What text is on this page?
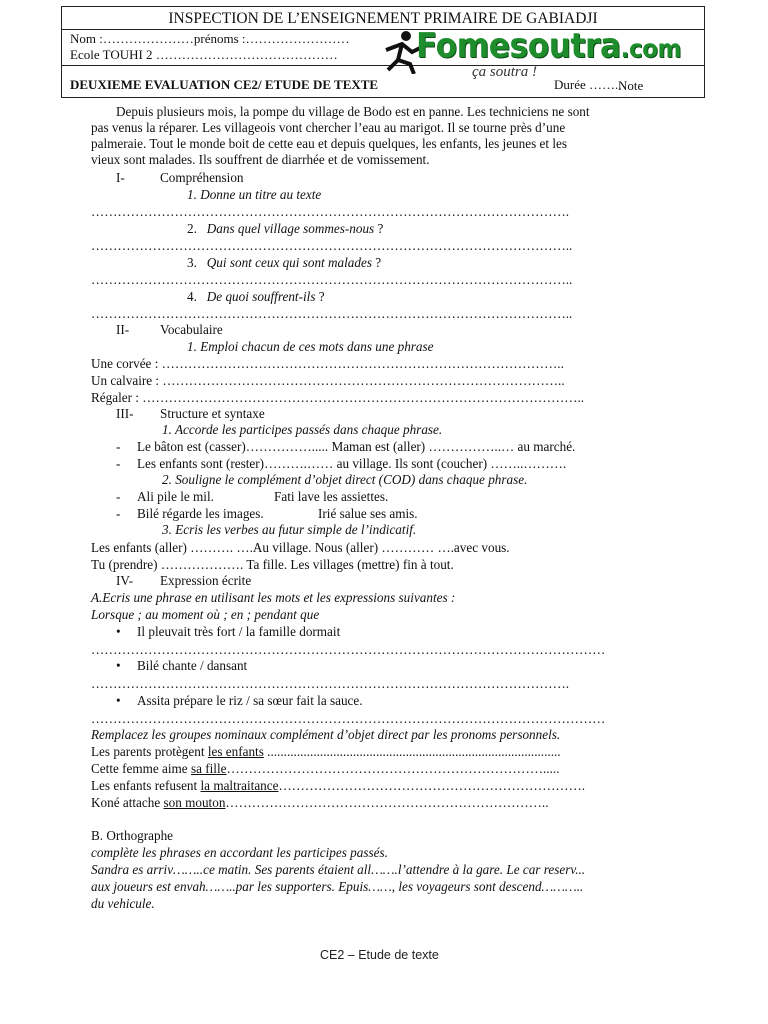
INSPECTION DE L’ENSEIGNEMENT PRIMAIRE DE GABIADJI
Nom :…………………prénoms :……………………
Ecole TOUHI 2 ……………………………………
DEUXIEME EVALUATION CE2/ ETUDE DE TEXTE	Durée ……..
Note
Fomesoutra.com
ça soutra !
Depuis plusieurs mois, la pompe du village de Bodo est en panne. Les techniciens ne sont
pas venus la réparer. Les villageois vont chercher l’eau au marigot. Il se tourne près d’une
palmeraie. Tout le monde boit de cette eau et depuis quelques, les enfants, les jeunes et les
vieux sont malades. Ils souffrent de diarrhée et de vomissement.
I-	Compréhension
1. Donne un titre au texte
……………………………………………………………………………………………….
2. Dans quel village sommes-nous ?
………………………………………………………………………………………………..
3. Qui sont ceux qui sont malades ?
………………………………………………………………………………………………..
4. De quoi souffrent-ils ?
………………………………………………………………………………………………..
II- Vocabulaire
1. Emploi chacun de ces mots dans une phrase
Une corvée : ………………………………………………………………………………..
Un calvaire : ………………………………………………………………………………..
Régaler : ………………………………………………………………………………………..
III- Structure et syntaxe
1. Accorde les participes passés dans chaque phrase.
- Le bâton est (casser)……………..... Maman est (aller) ……………..… au marché.
- Les enfants sont (rester)……….…… au village. Ils sont (coucher) ……..……….
2. Souligne le complément d’objet direct (COD) dans chaque phrase.
- Ali pile le mil.	Fati lave les assiettes.
- Bilé régarde les images.	Irié salue ses amis.
3. Ecris les verbes au futur simple de l’indicatif.
Les enfants (aller) ………. ….Au village. Nous (aller) ………… ….avec vous.
Tu (prendre) ………………. Ta fille. Les villages (mettre) fin à tout.
IV- Expression écrite
A.Ecris une phrase en utilisant les mots et les expressions suivantes :
Lorsque ; au moment où ; en ; pendant que
• Il pleuvait très fort / la famille dormait
………………………………………………………………………………………………………
• Bilé chante / dansant
……………………………………………………………………………………………….
• Assita prépare le riz / sa sœur fait la sauce.
………………………………………………………………………………………………………
Remplacez les groupes nominaux complément d’objet direct par les pronoms personnels.
Les parents protègent les enfants .........................................................................................
Cette femme aime sa fille……………………………………………………………….....
Les enfants refusent la maltraitance…………………………………………………………….
Koné attache son mouton………………………………………………………………..
B. Orthographe
complète les phrases en accordant les participes passés.
Sandra es arriv……..ce matin. Ses parents étaient all…….l’attendre à la gare. Le car reserv...
aux joueurs est envah……..par les supporters. Epuis……, les voyageurs sont descend………..
du vehicule.
CE2 – Etude de texte
